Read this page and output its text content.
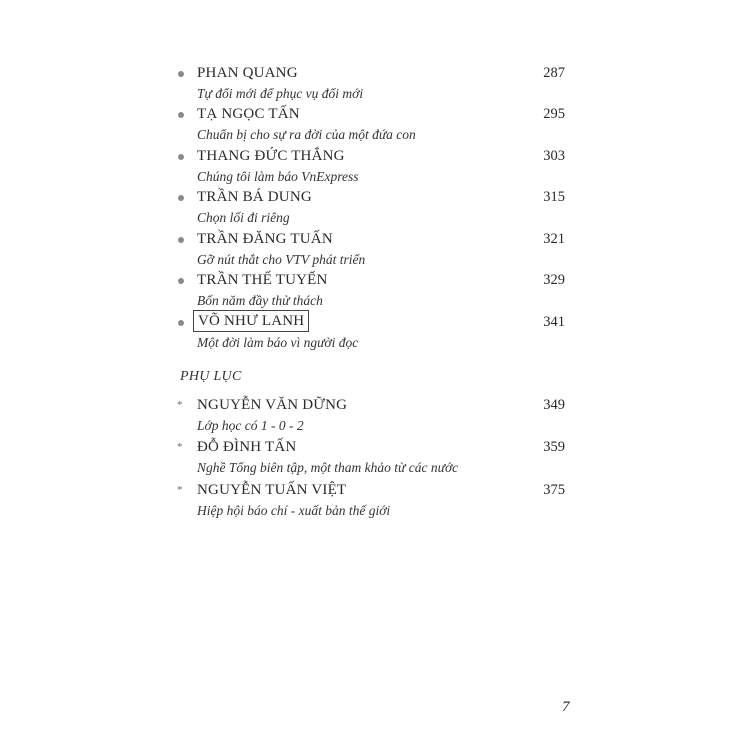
PHAN QUANG	287
Tự đổi mới để phục vụ đổi mới
TẠ NGỌC TẤN	295
Chuẩn bị cho sự ra đời của một đứa con
THANG ĐỨC THẮNG	303
Chúng tôi làm báo VnExpress
TRẦN BÁ DUNG	315
Chọn lối đi riêng
TRẦN ĐĂNG TUẤN	321
Gỡ nút thắt cho VTV phát triển
TRẦN THẾ TUYỂN	329
Bốn năm đầy thử thách
VÕ NHƯ LANH	341
Một đời làm báo vì người đọc
PHỤ LỤC
* NGUYỄN VĂN DỮNG	349
Lớp học có 1 - 0 - 2
* ĐỖ ĐÌNH TẤN	359
Nghề Tổng biên tập, một tham khảo từ các nước
* NGUYỄN TUẤN VIỆT	375
Hiệp hội báo chí - xuất bản thế giới
7
